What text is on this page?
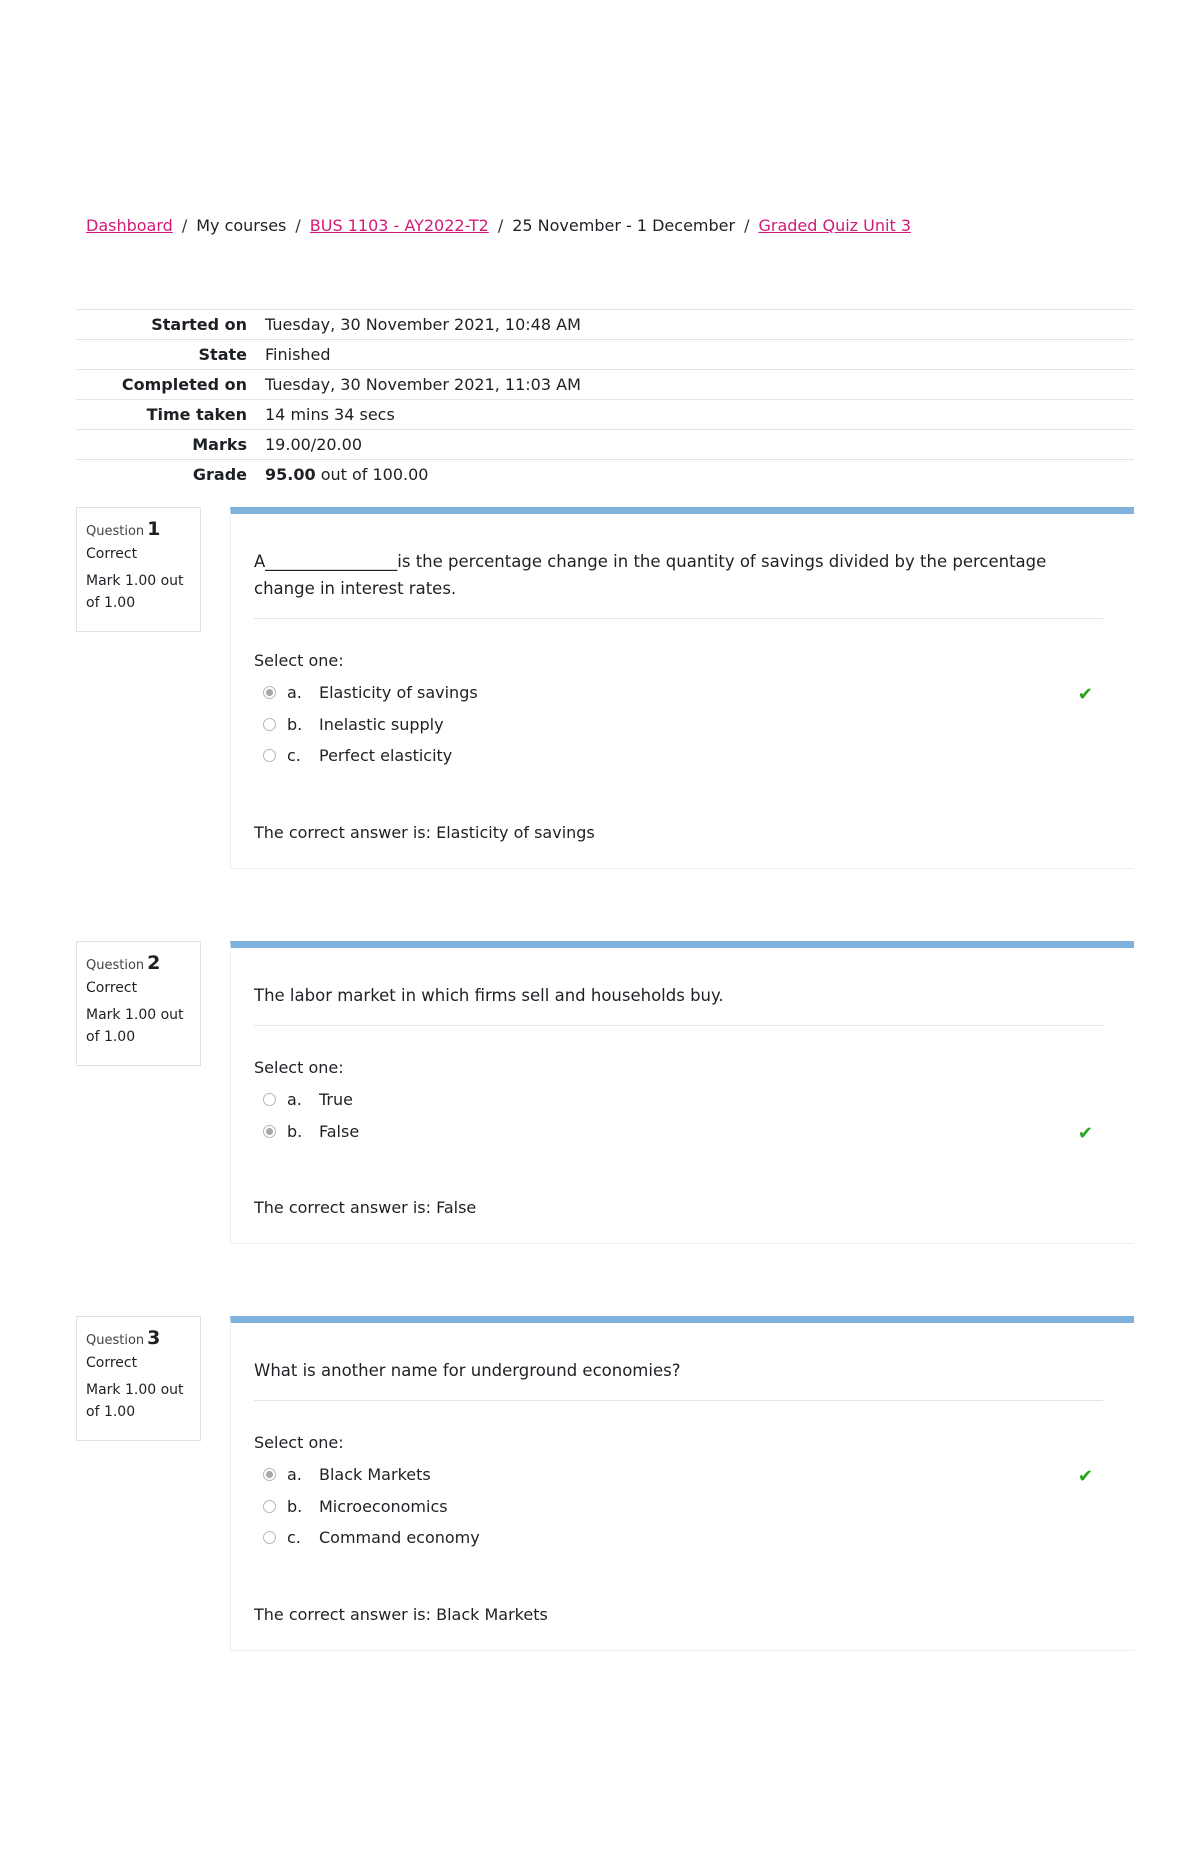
Dashboard / My courses / BUS 1103 - AY2022-T2 / 25 November - 1 December / Graded Quiz Unit 3
Started on	Tuesday, 30 November 2021, 10:48 AM
State	Finished
Completed on	Tuesday, 30 November 2021, 11:03 AM
Time taken	14 mins 34 secs
Marks	19.00/20.00
Grade	95.00 out of 100.00
Question 1
Correct
Mark 1.00 out of 1.00
A________________is the percentage change in the quantity of savings divided by the percentage change in interest rates.
Select one:
a.	Elasticity of savings	✔
b.	Inelastic supply
c.	Perfect elasticity
The correct answer is: Elasticity of savings
Question 2
Correct
Mark 1.00 out of 1.00
The labor market in which firms sell and households buy.
Select one:
a.	True
b.	False	✔
The correct answer is: False
Question 3
Correct
Mark 1.00 out of 1.00
What is another name for underground economies?
Select one:
a.	Black Markets	✔
b.	Microeconomics
c.	Command economy
The correct answer is: Black Markets
